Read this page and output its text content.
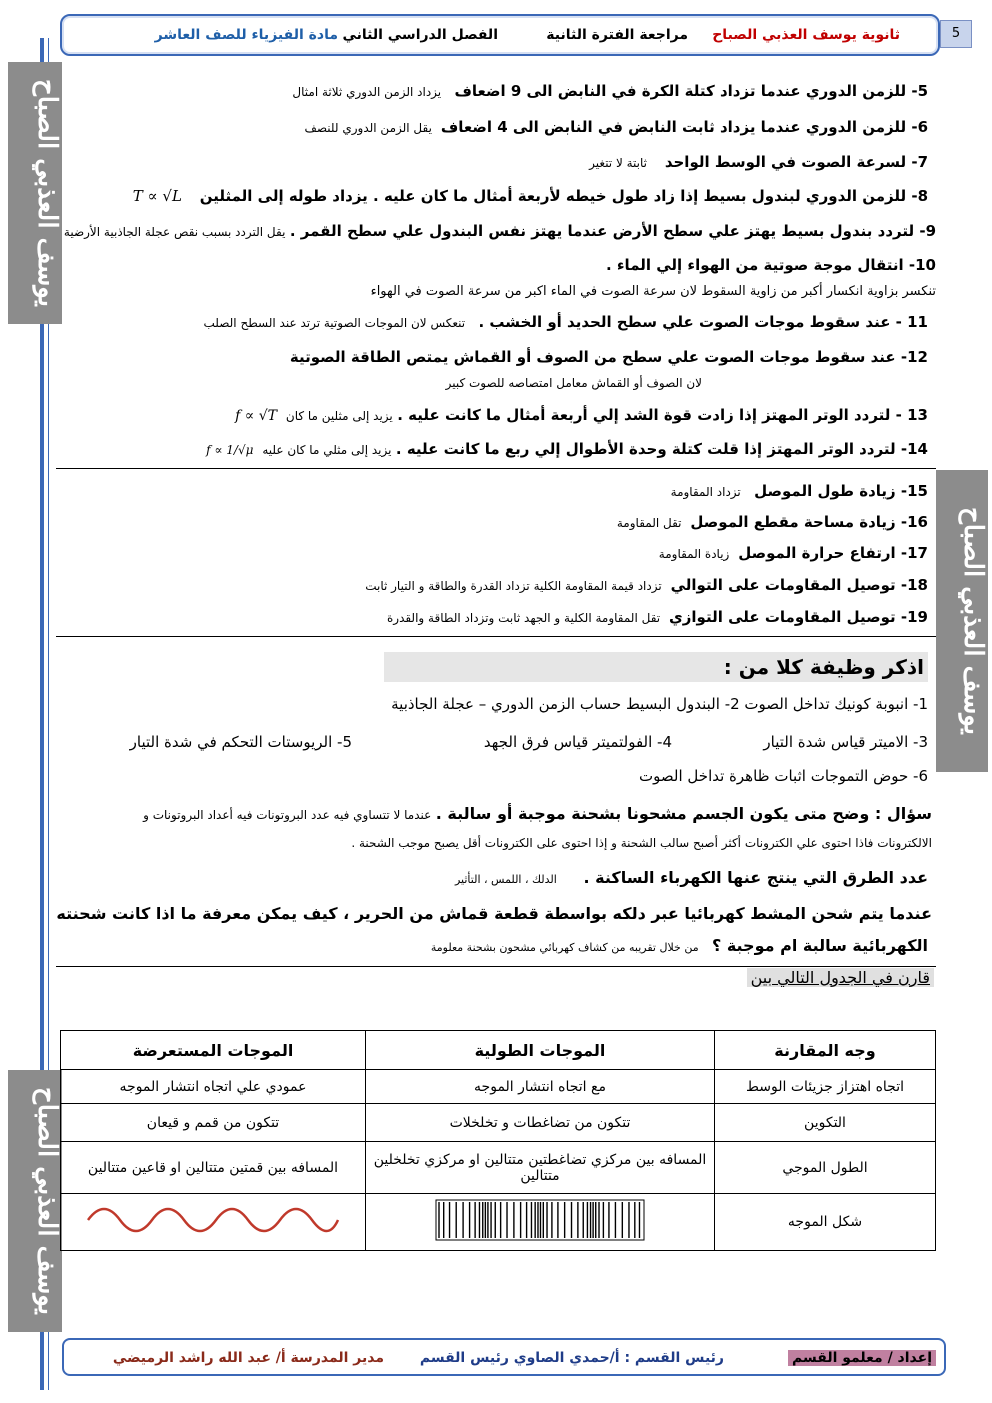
ثانوية يوسف العذبي الصباح
مراجعة الفترة الثانية
الفصل الدراسي الثاني
مادة الفيزياء للصف العاشر	5
يوسف العذبي الصباح
يوسف العذبي الصباح
يوسف العذبي الصباح
5- للزمن الدوري عندما تزداد كتلة الكرة في النابض الى 9 اضعاف   يزداد الزمن الدوري ثلاثة امثال
6- للزمن الدوري عندما يزداد ثابت النابض في النابض الى 4 اضعاف  يقل الزمن الدوري للنصف
7- لسرعة الصوت في الوسط الواحد    ثابتة لا تتغير
8- للزمن الدوري لبندول بسيط إذا زاد طول خيطه لأربعة أمثال ما كان عليه . يزداد طوله إلى المثلين    T ∝ √L
9- لتردد بندول بسيط يهتز علي سطح الأرض عندما يهتز نفس البندول علي سطح القمر . يقل التردد بسبب نقص عجلة الجاذبية الأرضية
10- انتقال موجة صوتية من الهواء إلي الماء .
تنكسر بزاوية انكسار أكبر من زاوية السقوط لان سرعة الصوت في الماء اكبر من سرعة الصوت في الهواء
11 - عند سقوط موجات الصوت علي سطح الحديد أو الخشب .   تنعكس لان الموجات الصوتية ترتد عند السطح الصلب
12- عند سقوط موجات الصوت علي سطح من الصوف أو القماش يمتص الطاقة الصوتية
لان الصوف أو القماش معامل امتصاصه للصوت كبير
13 - لتردد الوتر المهتز إذا زادت قوة الشد إلي أربعة أمثال ما كانت عليه . يزيد إلى مثلين ما كان  f ∝ √T
14- لتردد الوتر المهتز إذا قلت كتلة وحدة الأطوال إلي ربع ما كانت عليه . يزيد إلى مثلي ما كان عليه  f ∝ 1/√μ
15- زيادة طول الموصل   تزداد المقاومة
16- زيادة مساحة مقطع الموصل  تقل المقاومة
17- ارتفاع حرارة الموصل  زيادة المقاومة
18- توصيل المقاومات على التوالي  تزداد قيمة المقاومة الكلية تزداد القدرة والطاقة و التيار ثابت
19- توصيل المقاومات على التوازي  تقل المقاومة الكلية و الجهد ثابت وتزداد الطاقة والقدرة
اذكر وظيفة كلا من :
1- انبوبة كونيك تداخل الصوت 2- البندول البسيط حساب الزمن الدوري – عجلة الجاذبية
3- الاميتر قياس شدة التيار
4- الفولتميتر قياس فرق الجهد
5- الريوستات التحكم في شدة التيار
6- حوض التموجات اثبات ظاهرة تداخل الصوت
سؤال : وضح متى يكون الجسم مشحونا بشحنة موجبة أو سالبة . عندما لا تتساوي فيه عدد البروتونات فيه أعداد البروتونات و
الالكترونات فاذا احتوى علي الكترونات أكثر أصبح سالب الشحنة و إذا احتوى على الكترونات أقل يصبح موجب الشحنة .
عدد الطرق التي ينتج عنها الكهرباء الساكنة .      الدلك ، اللمس ، التأثير
عندما يتم شحن المشط كهربائيا عبر دلكه بواسطة قطعة قماش من الحرير ، كيف يمكن معرفة ما اذا كانت شحنته
الكهربائية سالبة ام موجبة ؟   من خلال تقريبه من كشاف كهربائي مشحون بشحنة معلومة
قارن في الجدول التالي بين
وجه المقارنة	الموجات الطولية	الموجات المستعرضة
اتجاه اهتزاز جزيئات الوسط	مع اتجاه انتشار الموجه	عمودي علي اتجاه انتشار الموجه
التكوين	تتكون من تضاغطات و تخلخلات	تتكون من قمم و قيعان
الطول الموجي	المسافه بين مركزي تضاغطتين متتالين او مركزي تخلخلين متتالين	المسافه بين قمتين متتالين او قاعين متتالين
شكل الموجه		
إعداد / معلمو القسم
رئيس القسم : أ/حمدي الصاوي رئيس القسم
مدير المدرسة أ/ عبد الله راشد الرميضي
